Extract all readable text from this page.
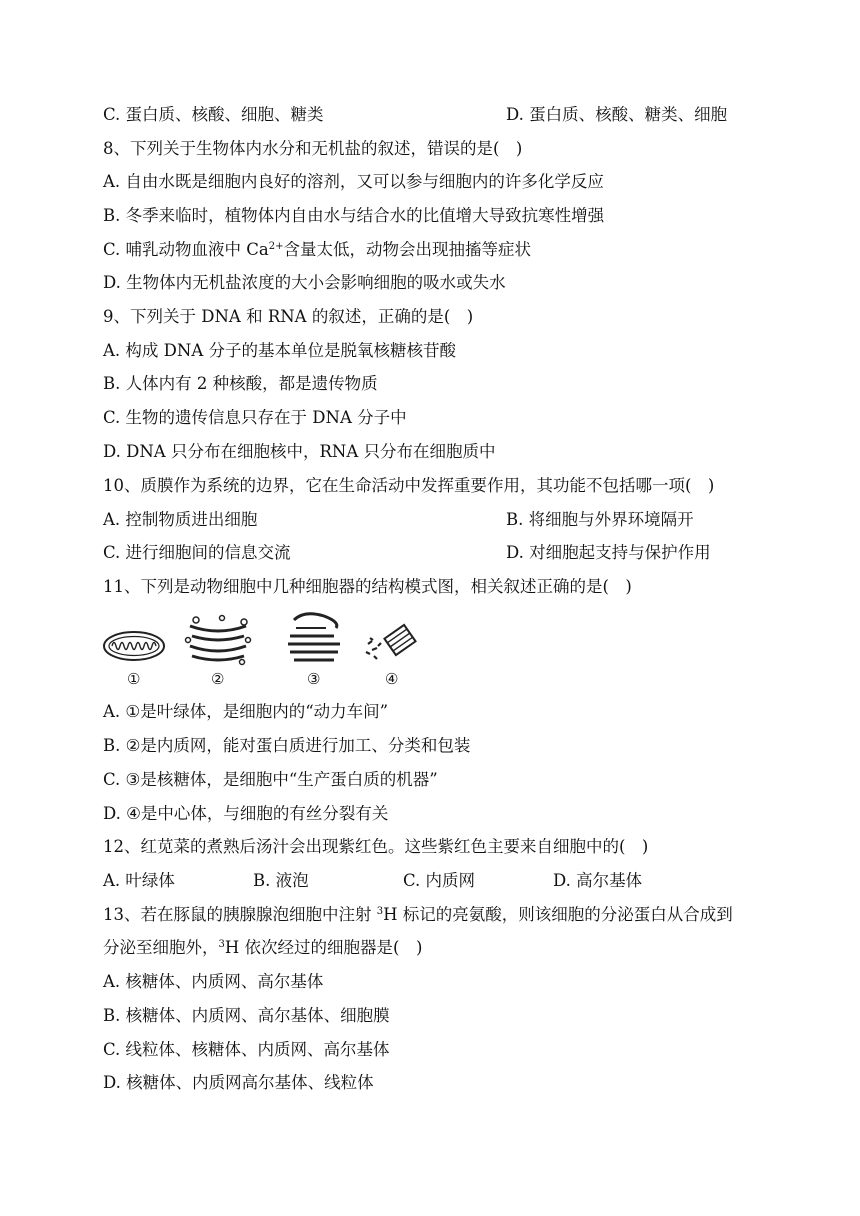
C. 蛋白质、核酸、细胞、糖类	D. 蛋白质、核酸、糖类、细胞
8、下列关于生物体内水分和无机盐的叙述，错误的是(　)
A. 自由水既是细胞内良好的溶剂，又可以参与细胞内的许多化学反应
B. 冬季来临时，植物体内自由水与结合水的比值增大导致抗寒性增强
C. 哺乳动物血液中 $Ca^{2+}$含量太低，动物会出现抽搐等症状
D. 生物体内无机盐浓度的大小会影响细胞的吸水或失水
9、下列关于 DNA 和 RNA 的叙述，正确的是(　)
A. 构成 DNA 分子的基本单位是脱氧核糖核苷酸
B. 人体内有 2 种核酸，都是遗传物质
C. 生物的遗传信息只存在于 DNA 分子中
D. DNA 只分布在细胞核中，RNA 只分布在细胞质中
10、质膜作为系统的边界，它在生命活动中发挥重要作用，其功能不包括哪一项(　)
A. 控制物质进出细胞	B. 将细胞与外界环境隔开
C. 进行细胞间的信息交流	D. 对细胞起支持与保护作用
11、下列是动物细胞中几种细胞器的结构模式图，相关叙述正确的是(　)
①	②	③	④
A. ①是叶绿体，是细胞内的“动力车间”
B. ②是内质网，能对蛋白质进行加工、分类和包装
C. ③是核糖体，是细胞中“生产蛋白质的机器”
D. ④是中心体，与细胞的有丝分裂有关
12、红苋菜的煮熟后汤汁会出现紫红色。这些紫红色主要来自细胞中的(　)
A. 叶绿体	B. 液泡	C. 内质网	D. 高尔基体
13、若在豚鼠的胰腺腺泡细胞中注射 $^3$H 标记的亮氨酸，则该细胞的分泌蛋白从合成到
分泌至细胞外，$^3$H 依次经过的细胞器是(　)
A. 核糖体、内质网、高尔基体
B. 核糖体、内质网、高尔基体、细胞膜
C. 线粒体、核糖体、内质网、高尔基体
D. 核糖体、内质网高尔基体、线粒体
